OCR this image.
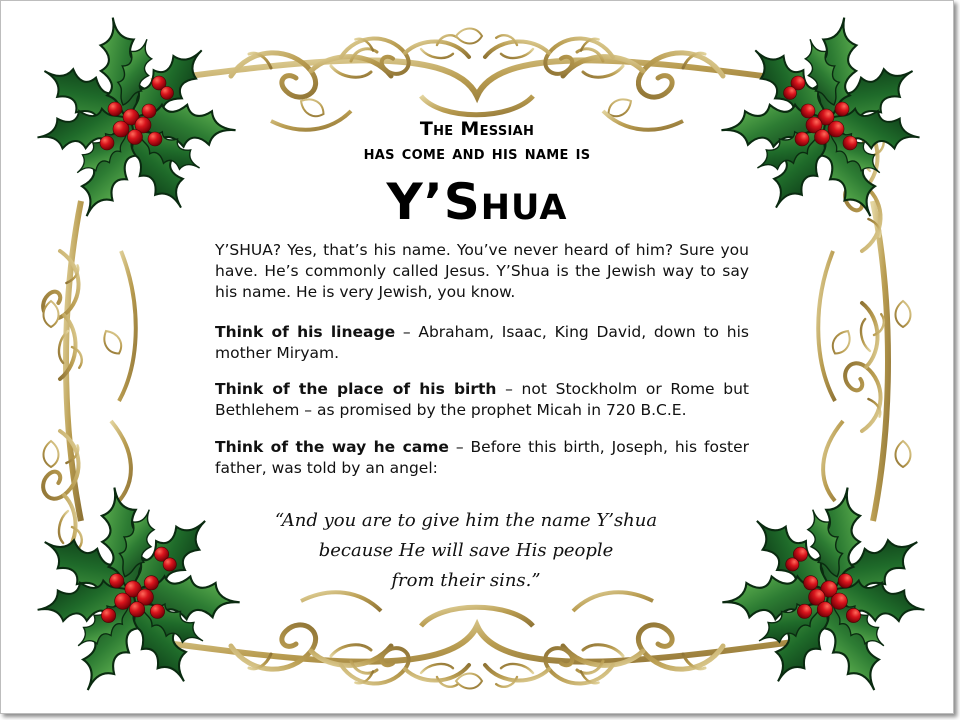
The Messiah
has come and his name is
Y’Shua
Y’SHUA? Yes, that’s his name. You’ve never heard of him? Sure you have. He’s commonly called Jesus. Y’Shua is the Jewish way to say his name. He is very Jewish, you know.
Think of his lineage – Abraham, Isaac, King David, down to his mother Miryam.
Think of the place of his birth – not Stockholm or Rome but Bethlehem – as promised by the prophet Micah in 720 B.C.E.
Think of the way he came – Before this birth, Joseph, his foster father, was told by an angel:
“And you are to give him the name Y’shua
because He will save His people
from their sins.”
